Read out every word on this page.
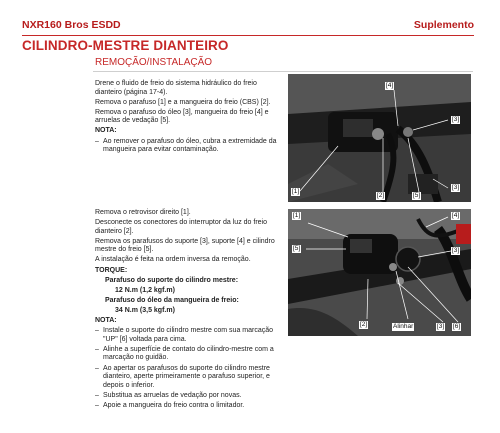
NXR160 Bros ESDD	Suplemento
CILINDRO-MESTRE DIANTEIRO
REMOÇÃO/INSTALAÇÃO

Drene o fluido de freio do sistema hidráulico do freio dianteiro (página 17-4).

Remova o parafuso [1] e a mangueira do freio (CBS) [2].

Remova o parafuso do óleo [3], mangueira do freio [4] e arruelas de vedação [5].

NOTA:

– Ao remover o parafuso do óleo, cubra a extremidade da mangueira para evitar contaminação.

Remova o retrovisor direito [1].

Desconecte os conectores do interruptor da luz do freio dianteiro [2].

Remova os parafusos do suporte [3], suporte [4] e cilindro mestre do freio [5].

A instalação é feita na ordem inversa da remoção.

TORQUE:

Parafuso do suporte do cilindro mestre:

12 N.m (1,2 kgf.m)

Parafuso do óleo da mangueira de freio:

34 N.m (3,5 kgf.m)

NOTA:

– Instale o suporte do cilindro mestre com sua marcação "UP" [6] voltada para cima.

– Alinhe a superfície de contato do cilindro-mestre com a marcação no guidão.

– Ao apertar os parafusos do suporte do cilindro mestre dianteiro, aperte primeiramente o parafuso superior, e depois o inferior.

– Substitua as arruelas de vedação por novas.

– Apoie a mangueira do freio contra o limitador.

[4]
[3]
[1]
[2]	[5]
[3]
[1]	[4]
[5]	[3]
[2]	Alinhar	[3] [6]
